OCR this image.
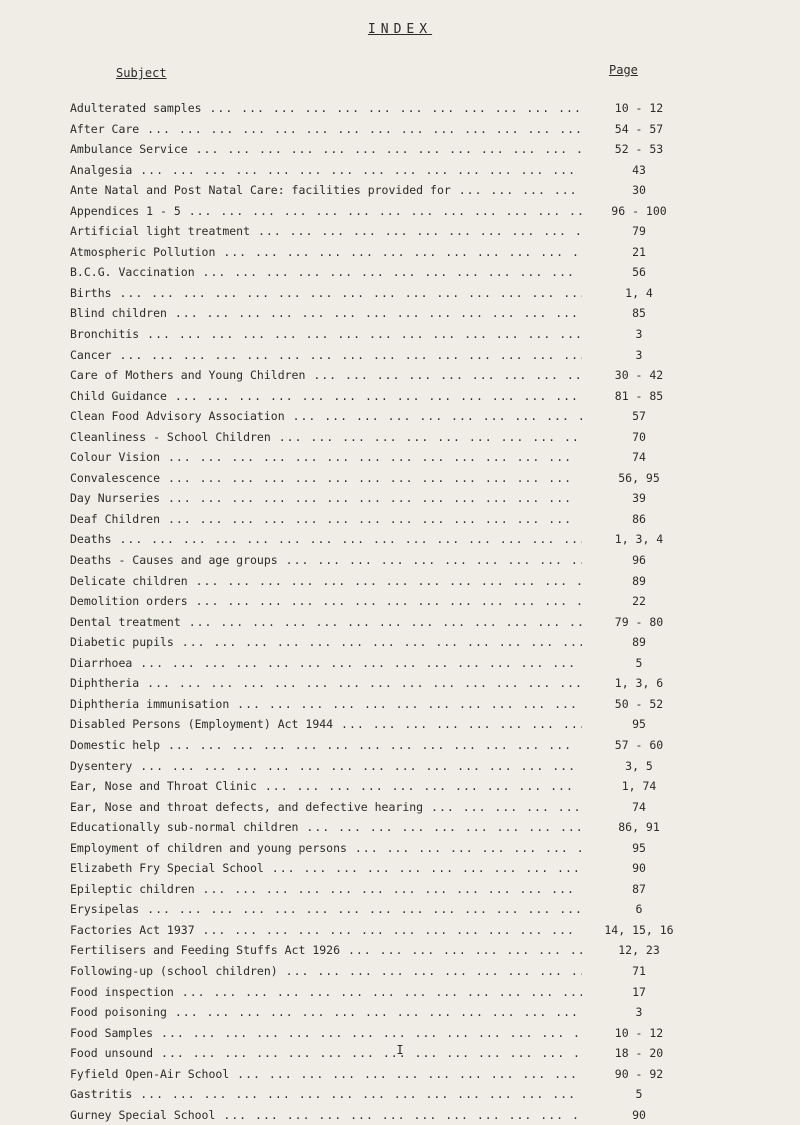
INDEX
Subject	Page
Adulterated samples ... .	10 - 12
After Care ... .	54 - 57
Ambulance Service ... .	52 - 53
Analgesia ... .	43
Ante Natal and Post Natal Care: facilities provided for ... .	30
Appendices 1 - 5 ... .	96 - 100
Artificial light treatment ... .	79
Atmospheric Pollution ... .	21
B.C.G. Vaccination ... .	56
Births ... .	1, 4
Blind children ... .	85
Bronchitis ... .	3
Cancer ... .	3
Care of Mothers and Young Children ... .	30 - 42
Child Guidance ... .	81 - 85
Clean Food Advisory Association ... .	57
Cleanliness - School Children ... .	70
Colour Vision ... .	74
Convalescence ... .	56, 95
Day Nurseries ... .	39
Deaf Children ... .	86
Deaths ... .	1, 3, 4
Deaths - Causes and age groups ... .	96
Delicate children ... .	89
Demolition orders ... .	22
Dental treatment ... .	79 - 80
Diabetic pupils ... .	89
Diarrhoea ... .	5
Diphtheria ... .	1, 3, 6
Diphtheria immunisation ... .	50 - 52
Disabled Persons (Employment) Act 1944 ... .	95
Domestic help ... .	57 - 60
Dysentery ... .	3, 5
Ear, Nose and Throat Clinic ... .	1, 74
Ear, Nose and throat defects, and defective hearing ... .	74
Educationally sub-normal children ... .	86, 91
Employment of children and young persons ... .	95
Elizabeth Fry Special School ... .	90
Epileptic children ... .	87
Erysipelas ... .	6
Factories Act 1937 ... .	14, 15, 16
Fertilisers and Feeding Stuffs Act 1926 ... .	12, 23
Following-up (school children) ... .	71
Food inspection ... .	17
Food poisoning ... .	3
Food Samples ... .	10 - 12
Food unsound ... .	18 - 20
Fyfield Open-Air School ... .	90 - 92
Gastritis ... .	5
Gurney Special School ... .	90
I
